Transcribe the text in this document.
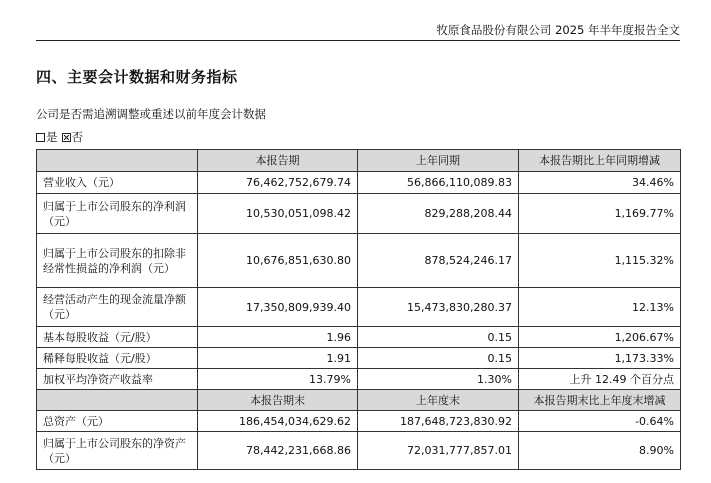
牧原食品股份有限公司 2025 年半年度报告全文
四、主要会计数据和财务指标
公司是否需追溯调整或重述以前年度会计数据
是 否
	本报告期	上年同期	本报告期比上年同期增减
营业收入（元）	76,462,752,679.74	56,866,110,089.83	34.46%
归属于上市公司股东的净利润（元）	10,530,051,098.42	829,288,208.44	1,169.77%
归属于上市公司股东的扣除非经常性损益的净利润（元）	10,676,851,630.80	878,524,246.17	1,115.32%
经营活动产生的现金流量净额（元）	17,350,809,939.40	15,473,830,280.37	12.13%
基本每股收益（元/股）	1.96	0.15	1,206.67%
稀释每股收益（元/股）	1.91	0.15	1,173.33%
加权平均净资产收益率	13.79%	1.30%	上升 12.49 个百分点
	本报告期末	上年度末	本报告期末比上年度末增减
总资产（元）	186,454,034,629.62	187,648,723,830.92	-0.64%
归属于上市公司股东的净资产（元）	78,442,231,668.86	72,031,777,857.01	8.90%
